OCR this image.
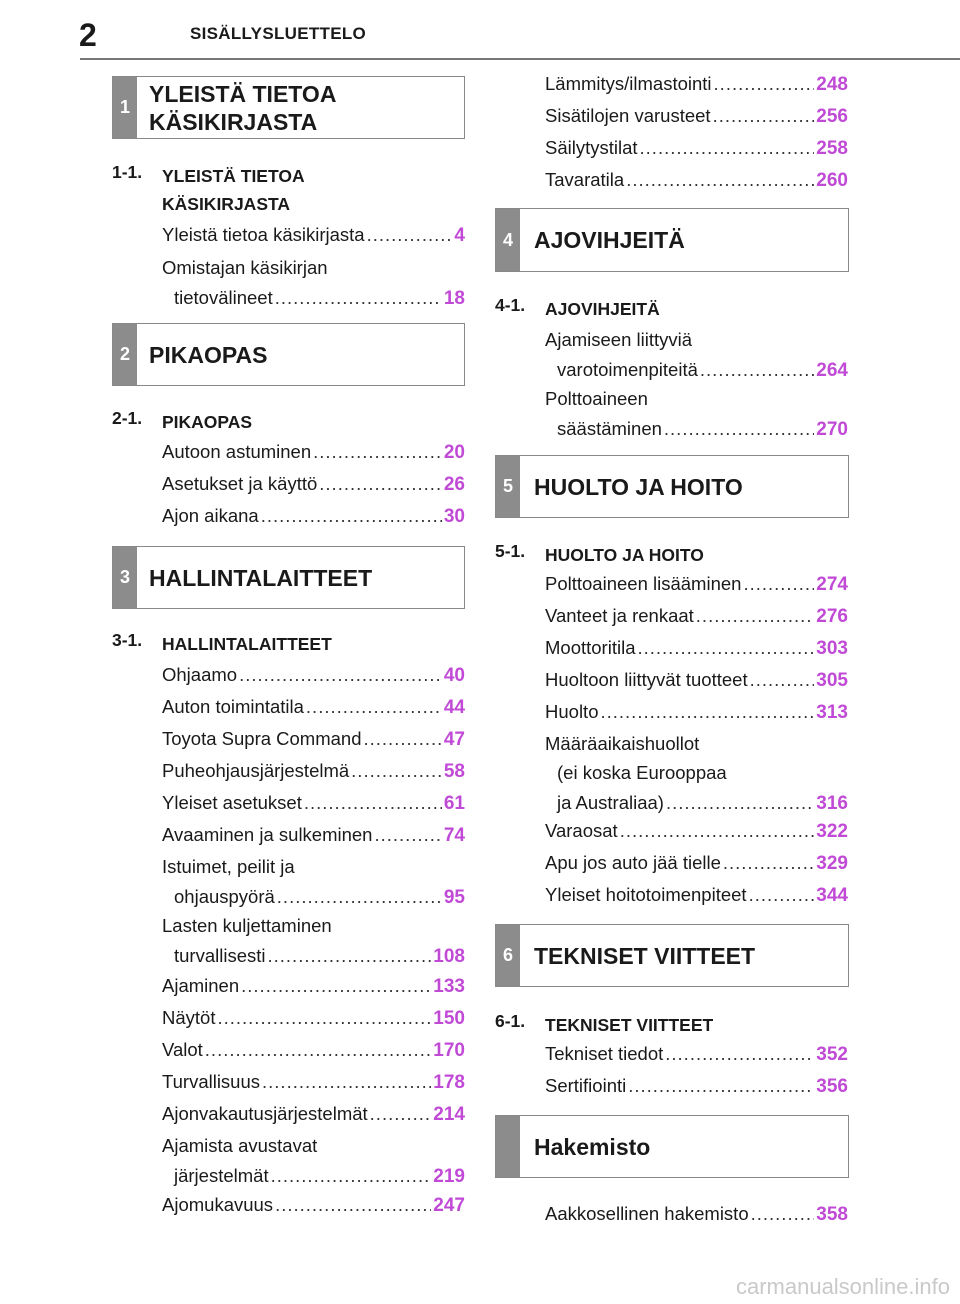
2	SISÄLLYSLUETTELO
1
YLEISTÄ TIETOA
KÄSIKIRJASTA
1-1.	YLEISTÄ TIETOA
KÄSIKIRJASTA
Yleistä tietoa käsikirjasta .....	4
Omistajan käsikirjan
tietovälineet .....	18
2 PIKAOPAS
2-1.	PIKAOPAS
Autoon astuminen .....	20
Asetukset ja käyttö .....	26
Ajon aikana .....	30
3 HALLINTALAITTEET
3-1.	HALLINTALAITTEET
Ohjaamo .....	40
Auton toimintatila .....	44
Toyota Supra Command .....	47
Puheohjausjärjestelmä .....	58
Yleiset asetukset .....	61
Avaaminen ja sulkeminen .....	74
Istuimet, peilit ja
ohjauspyörä .....	95
Lasten kuljettaminen
turvallisesti .....	108
Ajaminen .....	133
Näytöt .....	150
Valot .....	170
Turvallisuus .....	178
Ajonvakautusjärjestelmät .....	214
Ajamista avustavat
järjestelmät .....	219
Ajomukavuus .....	247
Lämmitys/ilmastointi .....	248
Sisätilojen varusteet .....	256
Säilytystilat .....	258
Tavaratila .....	260
4 AJOVIHJEITÄ
4-1.	AJOVIHJEITÄ
Ajamiseen liittyviä
varotoimenpiteitä .....	264
Polttoaineen
säästäminen .....	270
5 HUOLTO JA HOITO
5-1.	HUOLTO JA HOITO
Polttoaineen lisääminen .....	274
Vanteet ja renkaat .....	276
Moottoritila .....	303
Huoltoon liittyvät tuotteet .....	305
Huolto .....	313
Määräaikaishuollot
(ei koska Eurooppaa
ja Australiaa) .....	316
Varaosat .....	322
Apu jos auto jää tielle .....	329
Yleiset hoitotoimenpiteet .....	344
6 TEKNISET VIITTEET
6-1.	TEKNISET VIITTEET
Tekniset tiedot .....	352
Sertifiointi .....	356
Hakemisto
Aakkosellinen hakemisto .....	358
carmanualsonline.info
